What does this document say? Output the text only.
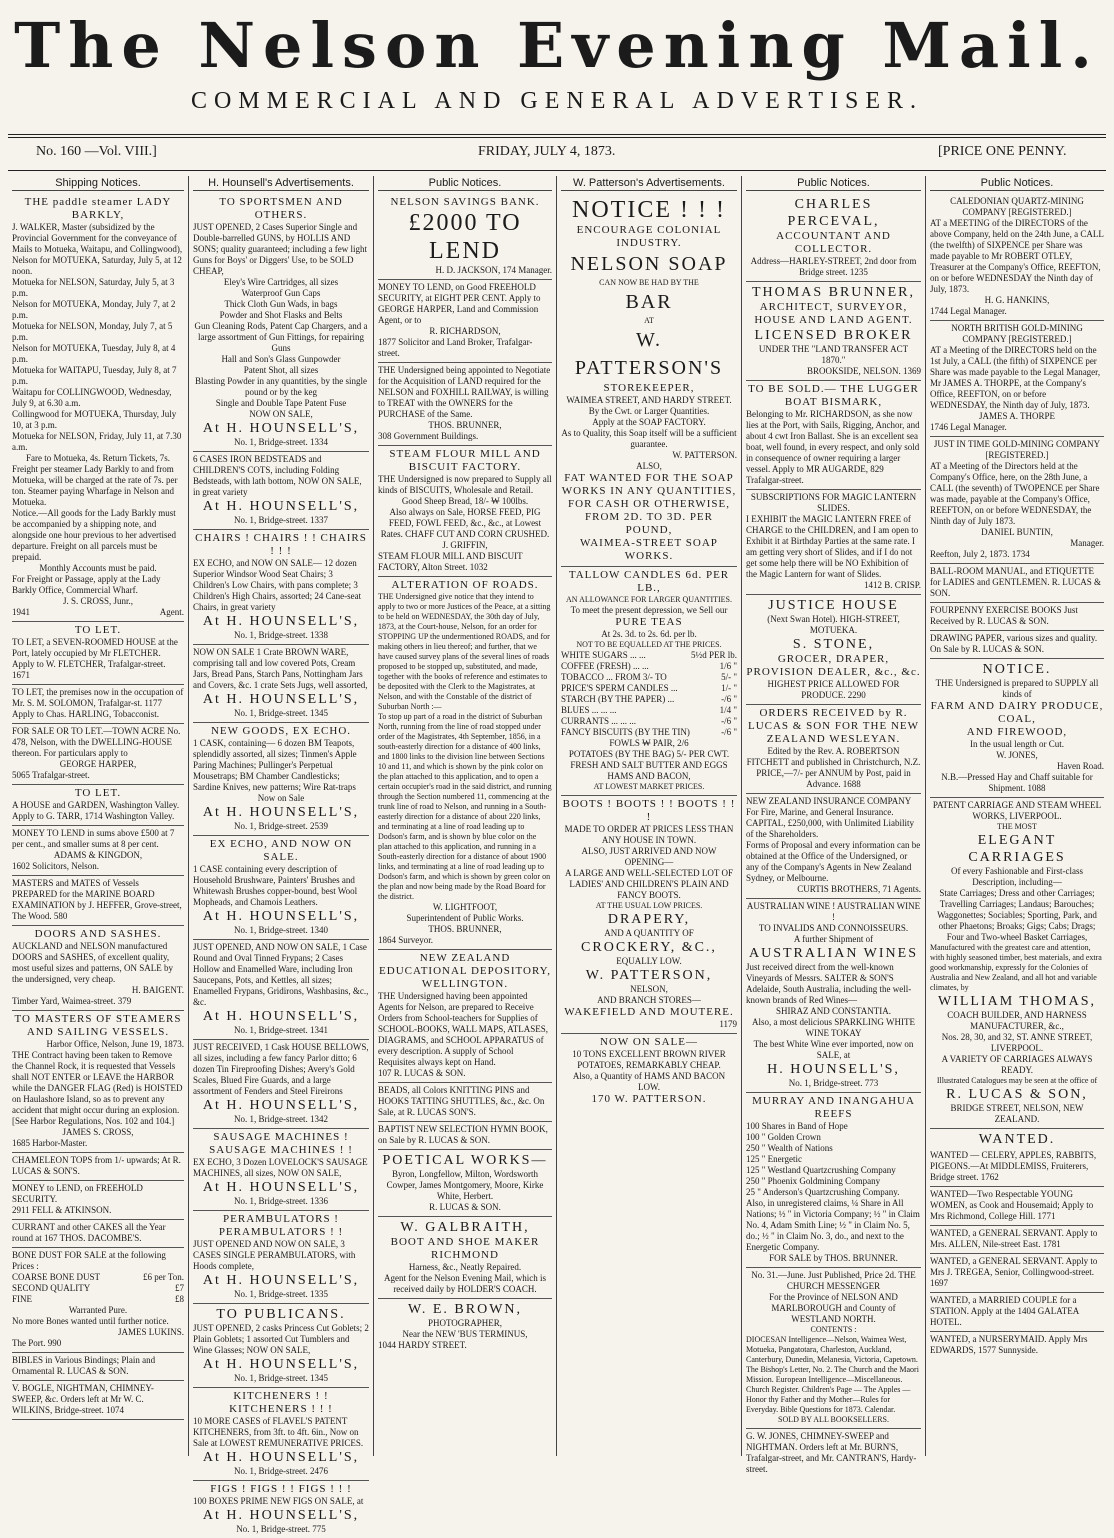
The Nelson Evening Mail.
COMMERCIAL AND GENERAL ADVERTISER.
No. 160 —Vol. VIII.]	FRIDAY, JULY 4, 1873.	[PRICE ONE PENNY.
Shipping Notices.

THE paddle steamer LADY BARKLY,

J. WALKER, Master (subsidized by the Provincial Government for the conveyance of Mails to Motueka, Waitapu, and Collingwood),

Nelson for MOTUEKA, Saturday, July 5, at 12 noon.

Motueka for NELSON, Saturday, July 5, at 3 p.m.

Nelson for MOTUEKA, Monday, July 7, at 2 p.m.

Motueka for NELSON, Monday, July 7, at 5 p.m.

Nelson for MOTUEKA, Tuesday, July 8, at 4 p.m.

Motueka for WAITAPU, Tuesday, July 8, at 7 p.m.

Waitapu for COLLINGWOOD, Wednesday, July 9, at 6.30 a.m.

Collingwood for MOTUEKA, Thursday, July 10, at 3 p.m.

Motueka for NELSON, Friday, July 11, at 7.30 a.m.

Fare to Motueka, 4s. Return Tickets, 7s.

Freight per steamer Lady Barkly to and from Motueka, will be charged at the rate of 7s. per ton. Steamer paying Wharfage in Nelson and Motueka.

Notice.—All goods for the Lady Barkly must be accompanied by a shipping note, and alongside one hour previous to her advertised departure. Freight on all parcels must be prepaid.

Monthly Accounts must be paid.

For Freight or Passage, apply at the Lady Barkly Office, Commercial Wharf.

J. S. CROSS, Junr.,

1941	Agent.

TO LET.

TO LET, a SEVEN-ROOMED HOUSE at the Port, lately occupied by Mr FLETCHER. Apply to W. FLETCHER, Trafalgar-street. 1671

TO LET, the premises now in the occupation of Mr. S. M. SOLOMON, Trafalgar-st. 1177 Apply to Chas. HARLING, Tobacconist.

FOR SALE OR TO LET.—TOWN ACRE No. 478, Nelson, with the DWELLING-HOUSE thereon. For particulars apply to

GEORGE HARPER,

5065 Trafalgar-street.

TO LET.

A HOUSE and GARDEN, Washington Valley. Apply to G. TARR, 1714 Washington Valley.

MONEY TO LEND in sums above £500 at 7 per cent., and smaller sums at 8 per cent.

ADAMS & KINGDON,

1602 Solicitors, Nelson.

MASTERS and MATES of Vessels PREPARED for the MARINE BOARD EXAMINATION by J. HEFFER, Grove-street, The Wood. 580

DOORS AND SASHES.

AUCKLAND and NELSON manufactured DOORS and SASHES, of excellent quality, most useful sizes and patterns, ON SALE by the undersigned, very cheap.

H. BAIGENT.

Timber Yard, Waimea-street. 379

TO MASTERS OF STEAMERS AND SAILING VESSELS.

Harbor Office, Nelson, June 19, 1873.

THE Contract having been taken to Remove the Channel Rock, it is requested that Vessels shall NOT ENTER or LEAVE the HARBOR while the DANGER FLAG (Red) is HOISTED on Haulashore Island, so as to prevent any accident that might occur during an explosion. [See Harbor Regulations, Nos. 102 and 104.]

JAMES S. CROSS,

1685 Harbor-Master.

CHAMELEON TOPS from 1/- upwards; At R. LUCAS & SON'S.

MONEY to LEND, on FREEHOLD SECURITY.

2911 FELL & ATKINSON.

CURRANT and other CAKES all the Year round at 167 THOS. DACOMBE'S.

BONE DUST FOR SALE at the following Prices :

COARSE BONE DUST	£6 per Ton.

SECOND QUALITY	£7

FINE	£8

Warranted Pure.

No more Bones wanted until further notice.

JAMES LUKINS.

The Port. 990

BIBLES in Various Bindings; Plain and Ornamental R. LUCAS & SON.

V. BOGLE, NIGHTMAN, CHIMNEY-SWEEP, &c. Orders left at Mr W. C. WILKINS, Bridge-street. 1074

H. Hounsell's Advertisements.

TO SPORTSMEN AND OTHERS.

JUST OPENED, 2 Cases Superior Single and Double-barrelled GUNS, by HOLLIS AND SONS; quality guaranteed; including a few light Guns for Boys' or Diggers' Use, to be SOLD CHEAP,

Eley's Wire Cartridges, all sizes

Waterproof Gun Caps

Thick Cloth Gun Wads, in bags

Powder and Shot Flasks and Belts

Gun Cleaning Rods, Patent Cap Chargers, and a large assortment of Gun Fittings, for repairing Guns

Hall and Son's Glass Gunpowder

Patent Shot, all sizes

Blasting Powder in any quantities, by the single pound or by the keg

Single and Double Tape Patent Fuse

NOW ON SALE,

At H. HOUNSELL'S,

No. 1, Bridge-street. 1334

6 CASES IRON BEDSTEADS and CHILDREN'S COTS, including Folding Bedsteads, with lath bottom, NOW ON SALE, in great variety

At H. HOUNSELL'S,

No. 1, Bridge-street. 1337

CHAIRS ! CHAIRS ! ! CHAIRS ! ! !

EX ECHO, and NOW ON SALE— 12 dozen Superior Windsor Wood Seat Chairs; 3 Children's Low Chairs, with pans complete; 3 Children's High Chairs, assorted; 24 Cane-seat Chairs, in great variety

At H. HOUNSELL'S,

No. 1, Bridge-street. 1338

NOW ON SALE 1 Crate BROWN WARE, comprising tall and low covered Pots, Cream Jars, Bread Pans, Starch Pans, Nottingham Jars and Covers, &c. 1 crate Sets Jugs, well assorted,

At H. HOUNSELL'S,

No. 1, Bridge-street. 1345

NEW GOODS, EX ECHO.

1 CASK, containing— 6 dozen BM Teapots, splendidly assorted, all sizes; Tinmen's Apple Paring Machines; Pullinger's Perpetual Mousetraps; BM Chamber Candlesticks; Sardine Knives, new patterns; Wire Rat-traps

Now on Sale

At H. HOUNSELL'S,

No. 1, Bridge-street. 2539

EX ECHO, AND NOW ON SALE.

1 CASE containing every description of Household Brushware, Painters' Brushes and Whitewash Brushes copper-bound, best Wool Mopheads, and Chamois Leathers.

At H. HOUNSELL'S,

No. 1, Bridge-street. 1340

JUST OPENED, AND NOW ON SALE, 1 Case Round and Oval Tinned Frypans; 2 Cases Hollow and Enamelled Ware, including Iron Saucepans, Pots, and Kettles, all sizes; Enamelled Frypans, Gridirons, Washbasins, &c., &c.

At H. HOUNSELL'S,

No. 1, Bridge-street. 1341

JUST RECEIVED, 1 Cask HOUSE BELLOWS, all sizes, including a few fancy Parlor ditto; 6 dozen Tin Fireproofing Dishes; Avery's Gold Scales, Blued Fire Guards, and a large assortment of Fenders and Steel Fireirons

At H. HOUNSELL'S,

No. 1, Bridge-street. 1342

SAUSAGE MACHINES ! SAUSAGE MACHINES ! !

EX ECHO, 3 Dozen LOVELOCK'S SAUSAGE MACHINES, all sizes, NOW ON SALE,

At H. HOUNSELL'S,

No. 1, Bridge-street. 1336

PERAMBULATORS ! PERAMBULATORS ! !

JUST OPENED AND NOW ON SALE, 3 CASES SINGLE PERAMBULATORS, with Hoods complete,

At H. HOUNSELL'S,

No. 1, Bridge-street. 1335

TO PUBLICANS.

JUST OPENED, 2 casks Princess Cut Goblets; 2 Plain Goblets; 1 assorted Cut Tumblers and Wine Glasses; NOW ON SALE,

At H. HOUNSELL'S,

No. 1, Bridge-street. 1345

KITCHENERS ! ! KITCHENERS ! ! !

10 MORE CASES of FLAVEL'S PATENT KITCHENERS, from 3ft. to 4ft. 6in., Now on Sale at LOWEST REMUNERATIVE PRICES.

At H. HOUNSELL'S,

No. 1, Bridge-street. 2476

FIGS ! FIGS ! ! FIGS ! ! !

100 BOXES PRIME NEW FIGS ON SALE, at

At H. HOUNSELL'S,

No. 1, Bridge-street. 775

Public Notices.

NELSON SAVINGS BANK.

£2000 TO LEND

H. D. JACKSON, 174 Manager.

MONEY TO LEND, on Good FREEHOLD SECURITY, at EIGHT PER CENT. Apply to GEORGE HARPER, Land and Commission Agent, or to

R. RICHARDSON,

1877 Solicitor and Land Broker, Trafalgar-street.

THE Undersigned being appointed to Negotiate for the Acquisition of LAND required for the NELSON and FOXHILL RAILWAY, is willing to TREAT with the OWNERS for the PURCHASE of the Same.

THOS. BRUNNER,

308 Government Buildings.

STEAM FLOUR MILL AND BISCUIT FACTORY.

THE Undersigned is now prepared to Supply all kinds of BISCUITS, Wholesale and Retail.

Good Sheep Bread, 18/- ₩ 100lbs.

Also always on Sale, HORSE FEED, PIG FEED, FOWL FEED, &c., &c., at Lowest Rates. CHAFF CUT AND CORN CRUSHED.

J. GRIFFIN,

STEAM FLOUR MILL AND BISCUIT FACTORY, Alton Street. 1032

ALTERATION OF ROADS.

THE Undersigned give notice that they intend to apply to two or more Justices of the Peace, at a sitting to be held on WEDNESDAY, the 30th day of July, 1873, at the Court-house, Nelson, for an order for STOPPING UP the undermentioned ROADS, and for making others in lieu thereof; and further, that we have caused survey plans of the several lines of roads proposed to be stopped up, substituted, and made, together with the books of reference and estimates to be deposited with the Clerk to the Magistrates, at Nelson, and with the Constable of the district of Suburban North :—

To stop up part of a road in the district of Suburban North, running from the line of road stopped under order of the Magistrates, 4th September, 1856, in a south-easterly direction for a distance of 400 links, and 1800 links to the division line between Sections 10 and 11, and which is shown by the pink color on the plan attached to this application, and to open a certain occupier's road in the said district, and running through the Section numbered 11, commencing at the trunk line of road to Nelson, and running in a South-easterly direction for a distance of about 220 links, and terminating at a line of road leading up to Dodson's farm, and is shown by blue color on the plan attached to this application, and running in a South-easterly direction for a distance of about 1900 links, and terminating at a line of road leading up to Dodson's farm, and which is shown by green color on the plan and now being made by the Road Board for the district.

W. LIGHTFOOT,

Superintendent of Public Works.

THOS. BRUNNER,

1864 Surveyor.

NEW ZEALAND EDUCATIONAL DEPOSITORY, WELLINGTON.

THE Undersigned having been appointed Agents for Nelson, are prepared to Receive Orders from School-teachers for Supplies of SCHOOL-BOOKS, WALL MAPS, ATLASES, DIAGRAMS, and SCHOOL APPARATUS of every description. A supply of School Requisites always kept on Hand.

107 R. LUCAS & SON.

BEADS, all Colors KNITTING PINS and HOOKS TATTING SHUTTLES, &c., &c. On Sale, at R. LUCAS SON'S.

BAPTIST NEW SELECTION HYMN BOOK, on Sale by R. LUCAS & SON.

POETICAL WORKS—

Byron, Longfellow, Milton, Wordsworth Cowper, James Montgomery, Moore, Kirke White, Herbert.

R. LUCAS & SON.

W. GALBRAITH,

BOOT AND SHOE MAKER

RICHMOND

Harness, &c., Neatly Repaired.

Agent for the Nelson Evening Mail, which is received daily by HOLDER'S COACH.

W. E. BROWN,

PHOTOGRAPHER,

Near the NEW 'BUS TERMINUS,

1044 HARDY STREET.

W. Patterson's Advertisements.

NOTICE ! ! !

ENCOURAGE COLONIAL INDUSTRY.

NELSON SOAP

CAN NOW BE HAD BY THE

BAR

AT

W. PATTERSON'S

STOREKEEPER,

WAIMEA STREET, AND HARDY STREET.

By the Cwt. or Larger Quantities.

Apply at the SOAP FACTORY.

As to Quality, this Soap itself will be a sufficient guarantee.

W. PATTERSON.

ALSO,

FAT WANTED FOR THE SOAP WORKS IN ANY QUANTITIES, FOR CASH OR OTHERWISE,

FROM 2D. TO 3D. PER POUND,

WAIMEA-STREET SOAP WORKS.

TALLOW CANDLES 6d. PER LB.,

AN ALLOWANCE FOR LARGER QUANTITIES.

To meet the present depression, we Sell our

PURE TEAS

At 2s. 3d. to 2s. 6d. per lb.

NOT TO BE EQUALLED AT THE PRICES.

WHITE SUGARS ... ...	5½d PER lb.

COFFEE (FRESH) ... ...	1/6 "

TOBACCO ... FROM 3/- TO	5/- "

PRICE'S SPERM CANDLES ...	1/- "

STARCH (BY THE PAPER) ...	-/6 "

BLUES ... ... ...	1/4 "

CURRANTS ... ... ...	-/6 "

FANCY BISCUITS (BY THE TIN)	-/6 "

FOWLS ₩ PAIR, 2/6

POTATOES (BY THE BAG) 5/- PER CWT.

FRESH AND SALT BUTTER AND EGGS

HAMS AND BACON,

AT LOWEST MARKET PRICES.

BOOTS ! BOOTS ! ! BOOTS ! ! !

MADE TO ORDER AT PRICES LESS THAN ANY HOUSE IN TOWN.

ALSO, JUST ARRIVED AND NOW OPENING—

A LARGE AND WELL-SELECTED LOT OF LADIES' AND CHILDREN'S PLAIN AND FANCY BOOTS.

AT THE USUAL LOW PRICES.

DRAPERY,

AND A QUANTITY OF

CROCKERY, &C.,

EQUALLY LOW.

W. PATTERSON,

NELSON,

AND BRANCH STORES—

WAKEFIELD AND MOUTERE.

1179

NOW ON SALE—

10 TONS EXCELLENT BROWN RIVER POTATOES, REMARKABLY CHEAP.

Also, a Quantity of HAMS AND BACON LOW.

170 W. PATTERSON.

Public Notices.

CHARLES PERCEVAL,

ACCOUNTANT AND COLLECTOR.

Address—HARLEY-STREET, 2nd door from Bridge street. 1235

THOMAS BRUNNER,

ARCHITECT, SURVEYOR, HOUSE AND LAND AGENT.

LICENSED BROKER

UNDER THE "LAND TRANSFER ACT 1870."

BROOKSIDE, NELSON. 1369

TO BE SOLD.— THE LUGGER BOAT BISMARK,

Belonging to Mr. RICHARDSON, as she now lies at the Port, with Sails, Rigging, Anchor, and about 4 cwt Iron Ballast. She is an excellent sea boat, well found, in every respect, and only sold in consequence of owner requiring a larger vessel. Apply to MR AUGARDE, 829 Trafalgar-street.

SUBSCRIPTIONS FOR MAGIC LANTERN SLIDES.

I EXHIBIT the MAGIC LANTERN FREE of CHARGE to the CHILDREN, and I am open to Exhibit it at Birthday Parties at the same rate. I am getting very short of Slides, and if I do not get some help there will be NO Exhibition of the Magic Lantern for want of Slides.

1412 B. CRISP.

JUSTICE HOUSE

(Next Swan Hotel). HIGH-STREET, MOTUEKA.

S. STONE,

GROCER, DRAPER, PROVISION DEALER, &c., &c.

HIGHEST PRICE ALLOWED FOR PRODUCE. 2290

ORDERS RECEIVED by R. LUCAS & SON FOR THE NEW ZEALAND WESLEYAN.

Edited by the Rev. A. ROBERTSON FITCHETT and published in Christchurch, N.Z.

PRICE,—7/- per ANNUM by Post, paid in Advance. 1688

NEW ZEALAND INSURANCE COMPANY For Fire, Marine, and General Insurance. CAPITAL, £250,000, with Unlimited Liability of the Shareholders.

Forms of Proposal and every information can be obtained at the Office of the Undersigned, or any of the Company's Agents in New Zealand Sydney, or Melbourne.

CURTIS BROTHERS, 71 Agents.

AUSTRALIAN WINE ! AUSTRALIAN WINE !

TO INVALIDS AND CONNOISSEURS.

A further Shipment of

AUSTRALIAN WINES

Just received direct from the well-known Vineyards of Messrs. SALTER & SON'S Adelaide, South Australia, including the well-known brands of Red Wines—

SHIRAZ AND CONSTANTIA.

Also, a most delicious SPARKLING WHITE WINE TOKAY

The best White Wine ever imported, now on SALE, at

H. HOUNSELL'S,

No. 1, Bridge-street. 773

MURRAY AND INANGAHUA REEFS

100 Shares in Band of Hope

100 " Golden Crown

250 " Wealth of Nations

125 " Energetic

125 " Westland Quartzcrushing Company

250 " Phoenix Goldmining Company

25 " Anderson's Quartzcrushing Company.

Also, in unregistered claims, ¼ Share in All Nations; ½ " in Victoria Company; ½ " in Claim No. 4, Adam Smith Line; ½ " in Claim No. 5, do.; ½ " in Claim No. 3, do., and next to the Energetic Company.

FOR SALE by THOS. BRUNNER.

No. 31.—June. Just Published, Price 2d. THE CHURCH MESSENGER

For the Province of NELSON AND MARLBOROUGH and County of WESTLAND NORTH.

CONTENTS :

DIOCESAN Intelligence—Nelson, Waimea West, Motueka, Pangatotara, Charleston, Auckland, Canterbury, Dunedin, Melanesia, Victoria, Capetown. The Bishop's Letter, No. 2. The Church and the Maori Mission. European Intelligence—Miscellaneous. Church Register. Children's Page — The Apples — Honor thy Father and thy Mother—Rules for Everyday. Bible Questions for 1873. Calendar.

SOLD BY ALL BOOKSELLERS.

G. W. JONES, CHIMNEY-SWEEP and NIGHTMAN. Orders left at Mr. BURN'S, Trafalgar-street, and Mr. CANTRAN'S, Hardy-street.

Public Notices.

CALEDONIAN QUARTZ-MINING COMPANY [REGISTERED.]

AT a MEETING of the DIRECTORS of the above Company, held on the 24th June, a CALL (the twelfth) of SIXPENCE per Share was made payable to Mr ROBERT OTLEY, Treasurer at the Company's Office, REEFTON, on or before WEDNESDAY the Ninth day of July, 1873.

H. G. HANKINS,

1744 Legal Manager.

NORTH BRITISH GOLD-MINING COMPANY [REGISTERED.]

AT a Meeting of the DIRECTORS held on the 1st July, a CALL (the fifth) of SIXPENCE per Share was made payable to the Legal Manager, Mr JAMES A. THORPE, at the Company's Office, REEFTON, on or before WEDNESDAY, the Ninth day of July, 1873.

JAMES A. THORPE

1746 Legal Manager.

JUST IN TIME GOLD-MINING COMPANY [REGISTERED.]

AT a Meeting of the Directors held at the Company's Office, here, on the 28th June, a CALL (the seventh) of TWOPENCE per Share was made, payable at the Company's Office, REEFTON, on or before WEDNESDAY, the Ninth day of July 1873.

DANIEL BUNTIN,

Manager.

Reefton, July 2, 1873. 1734

BALL-ROOM MANUAL, and ETIQUETTE for LADIES and GENTLEMEN. R. LUCAS & SON.

FOURPENNY EXERCISE BOOKS Just Received by R. LUCAS & SON.

DRAWING PAPER, various sizes and quality. On Sale by R. LUCAS & SON.

NOTICE.

THE Undersigned is prepared to SUPPLY all kinds of

FARM AND DAIRY PRODUCE,

COAL,

AND FIREWOOD,

In the usual length or Cut.

W. JONES,

Haven Road.

N.B.—Pressed Hay and Chaff suitable for Shipment. 1088

PATENT CARRIAGE AND STEAM WHEEL WORKS, LIVERPOOL.

THE MOST

ELEGANT CARRIAGES

Of every Fashionable and First-class Description, including—

State Carriages; Dress and other Carriages; Travelling Carriages; Landaus; Barouches; Waggonettes; Sociables; Sporting, Park, and other Phaetons; Broaks; Gigs; Cabs; Drags; Four and Two-wheel Basket Carriages,

Manufactured with the greatest care and attention, with highly seasoned timber, best materials, and extra good workmanship, expressly for the Colonies of Australia and New Zealand, and all hot and variable climates, by

WILLIAM THOMAS,

COACH BUILDER, AND HARNESS MANUFACTURER, &c.,

Nos. 28, 30, and 32, ST. ANNE STREET, LIVERPOOL.

A VARIETY OF CARRIAGES ALWAYS READY.

Illustrated Catalogues may be seen at the office of

R. LUCAS & SON,

BRIDGE STREET, NELSON, NEW ZEALAND.

WANTED.

WANTED — CELERY, APPLES, RABBITS, PIGEONS.—At MIDDLEMISS, Fruiterers, Bridge street. 1762

WANTED—Two Respectable YOUNG WOMEN, as Cook and Housemaid; Apply to Mrs Richmond, College Hill. 1771

WANTED, a GENERAL SERVANT. Apply to Mrs. ALLEN, Nile-street East. 1781

WANTED, a GENERAL SERVANT. Apply to Mrs J. TREGEA, Senior, Collingwood-street. 1697

WANTED, a MARRIED COUPLE for a STATION. Apply at the 1404 GALATEA HOTEL.

WANTED, a NURSERYMAID. Apply Mrs EDWARDS, 1577 Sunnyside.
